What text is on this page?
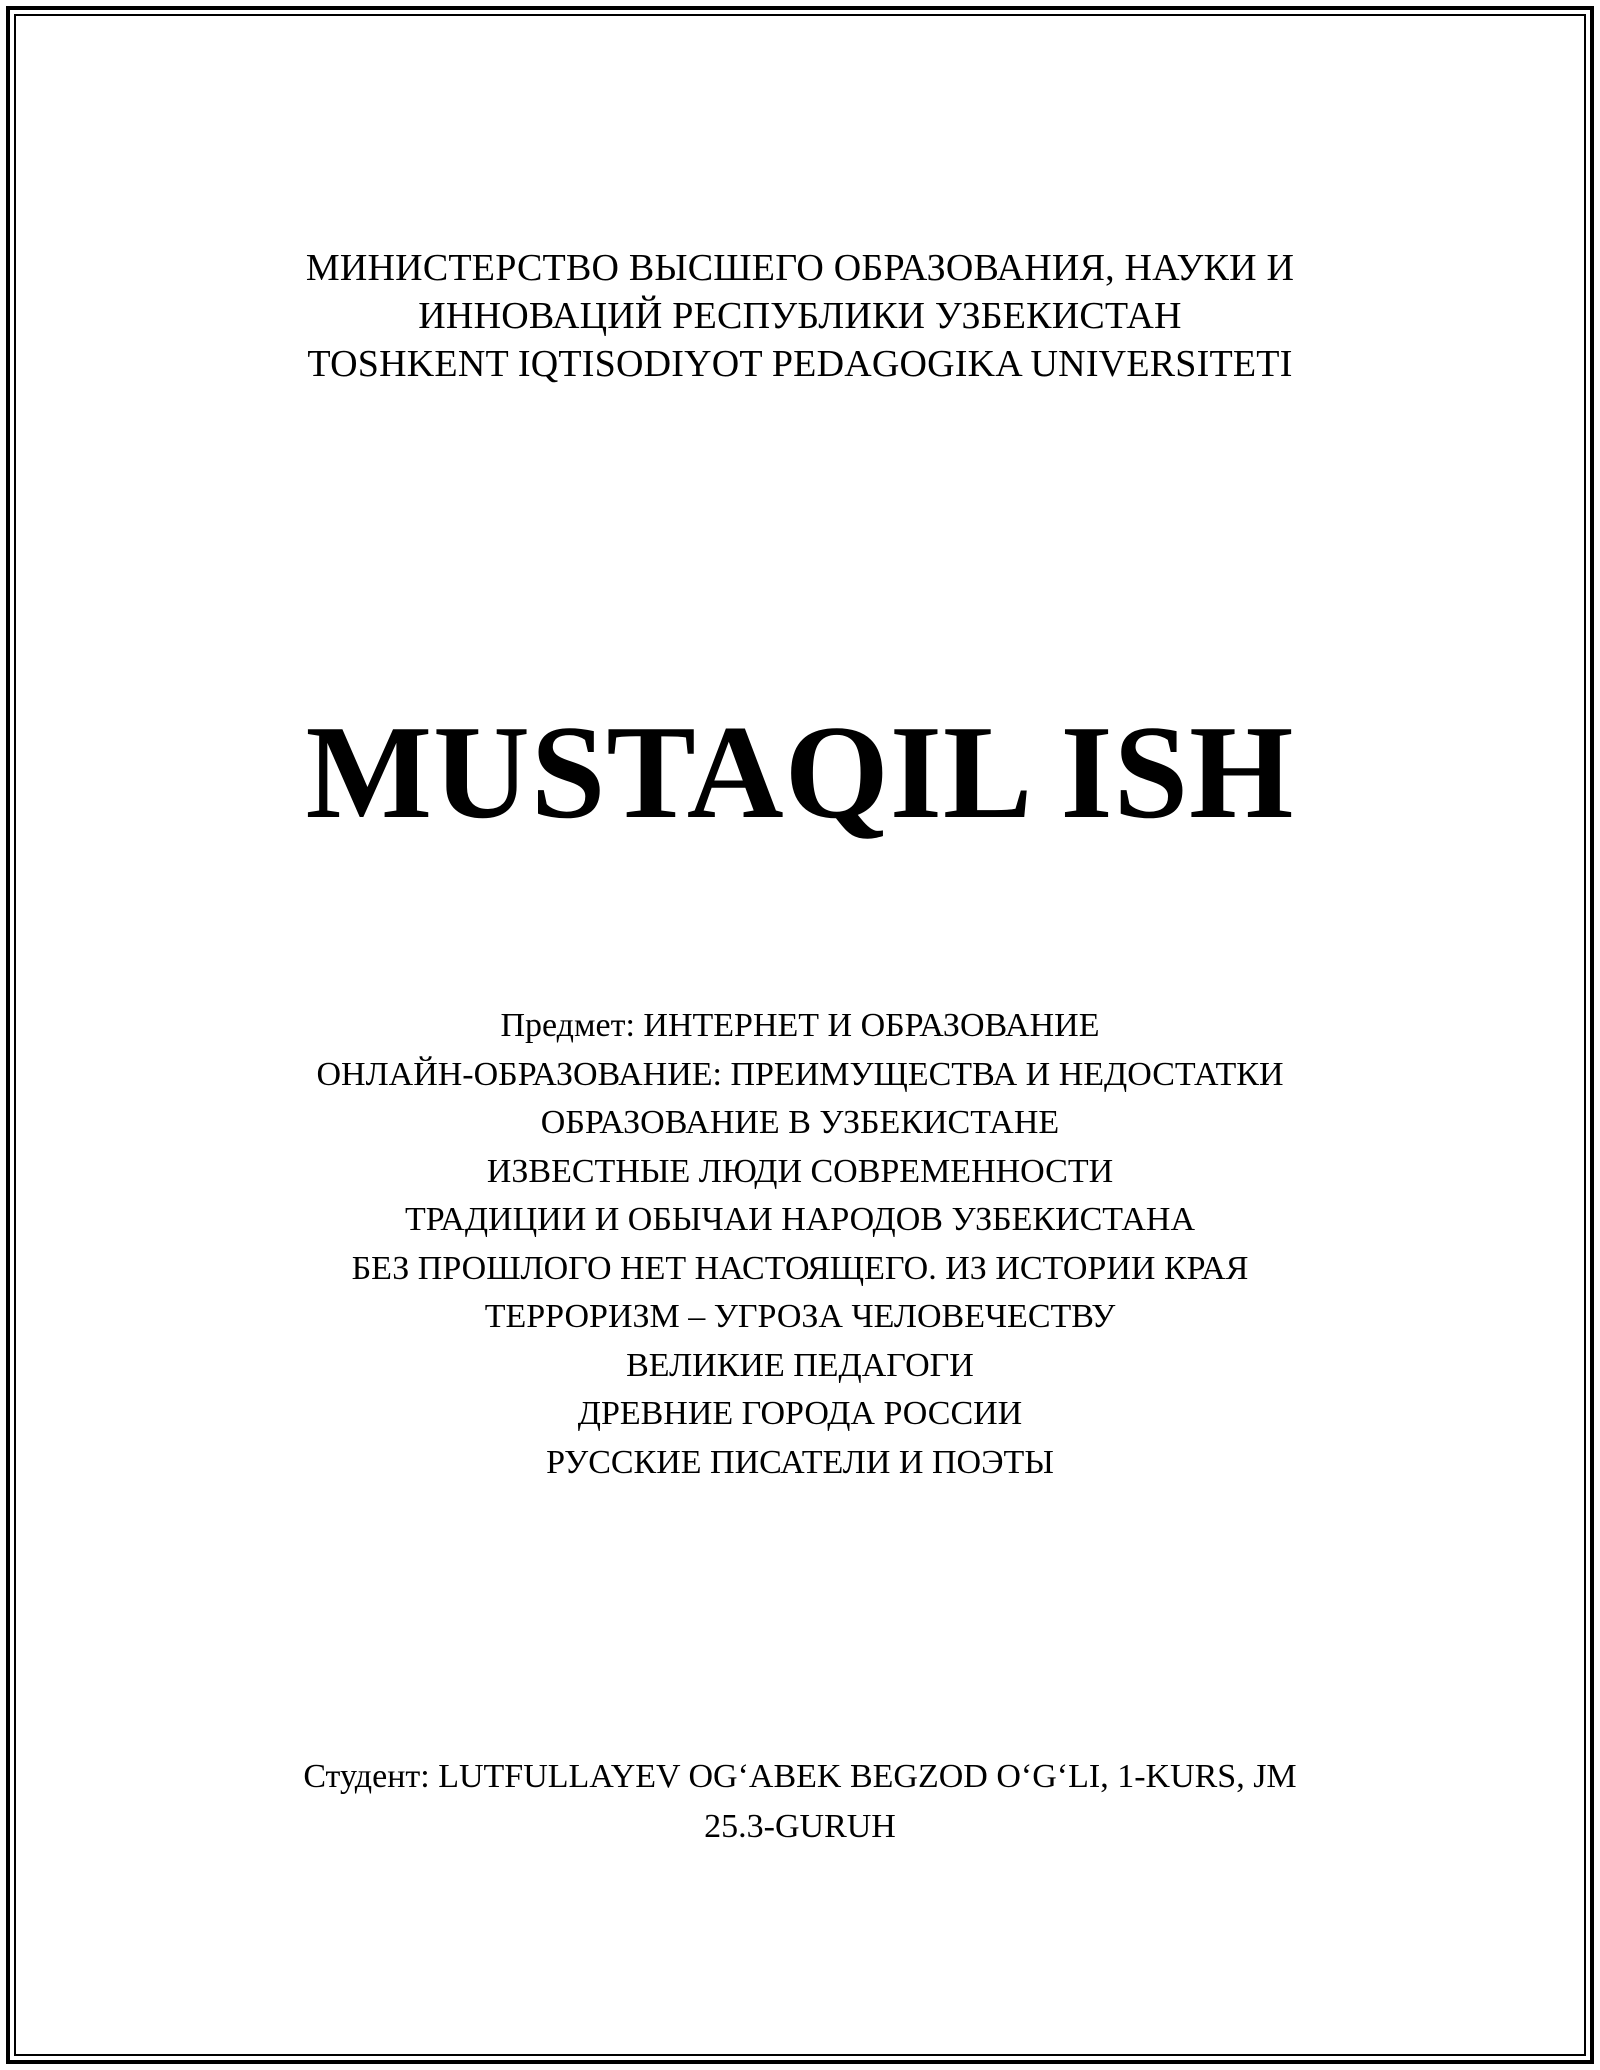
МИНИСТЕРСТВО ВЫСШЕГО ОБРАЗОВАНИЯ, НАУКИ И
ИННОВАЦИЙ РЕСПУБЛИКИ УЗБЕКИСТАН
TOSHKENT IQTISODIYOT PEDAGOGIKA UNIVERSITETI
MUSTAQIL ISH
Предмет: ИНТЕРНЕТ И ОБРАЗОВАНИЕ
ОНЛАЙН-ОБРАЗОВАНИЕ: ПРЕИМУЩЕСТВА И НЕДОСТАТКИ
ОБРАЗОВАНИЕ В УЗБЕКИСТАНЕ
ИЗВЕСТНЫЕ ЛЮДИ СОВРЕМЕННОСТИ
ТРАДИЦИИ И ОБЫЧАИ НАРОДОВ УЗБЕКИСТАНА
БЕЗ ПРОШЛОГО НЕТ НАСТОЯЩЕГО. ИЗ ИСТОРИИ КРАЯ
ТЕРРОРИЗМ – УГРОЗА ЧЕЛОВЕЧЕСТВУ
ВЕЛИКИЕ ПЕДАГОГИ
ДРЕВНИЕ ГОРОДА РОССИИ
РУССКИЕ ПИСАТЕЛИ И ПОЭТЫ
Студент: LUTFULLAYEV OG‘ABEK BEGZOD O‘G‘LI, 1-KURS, JM
25.3-GURUH
